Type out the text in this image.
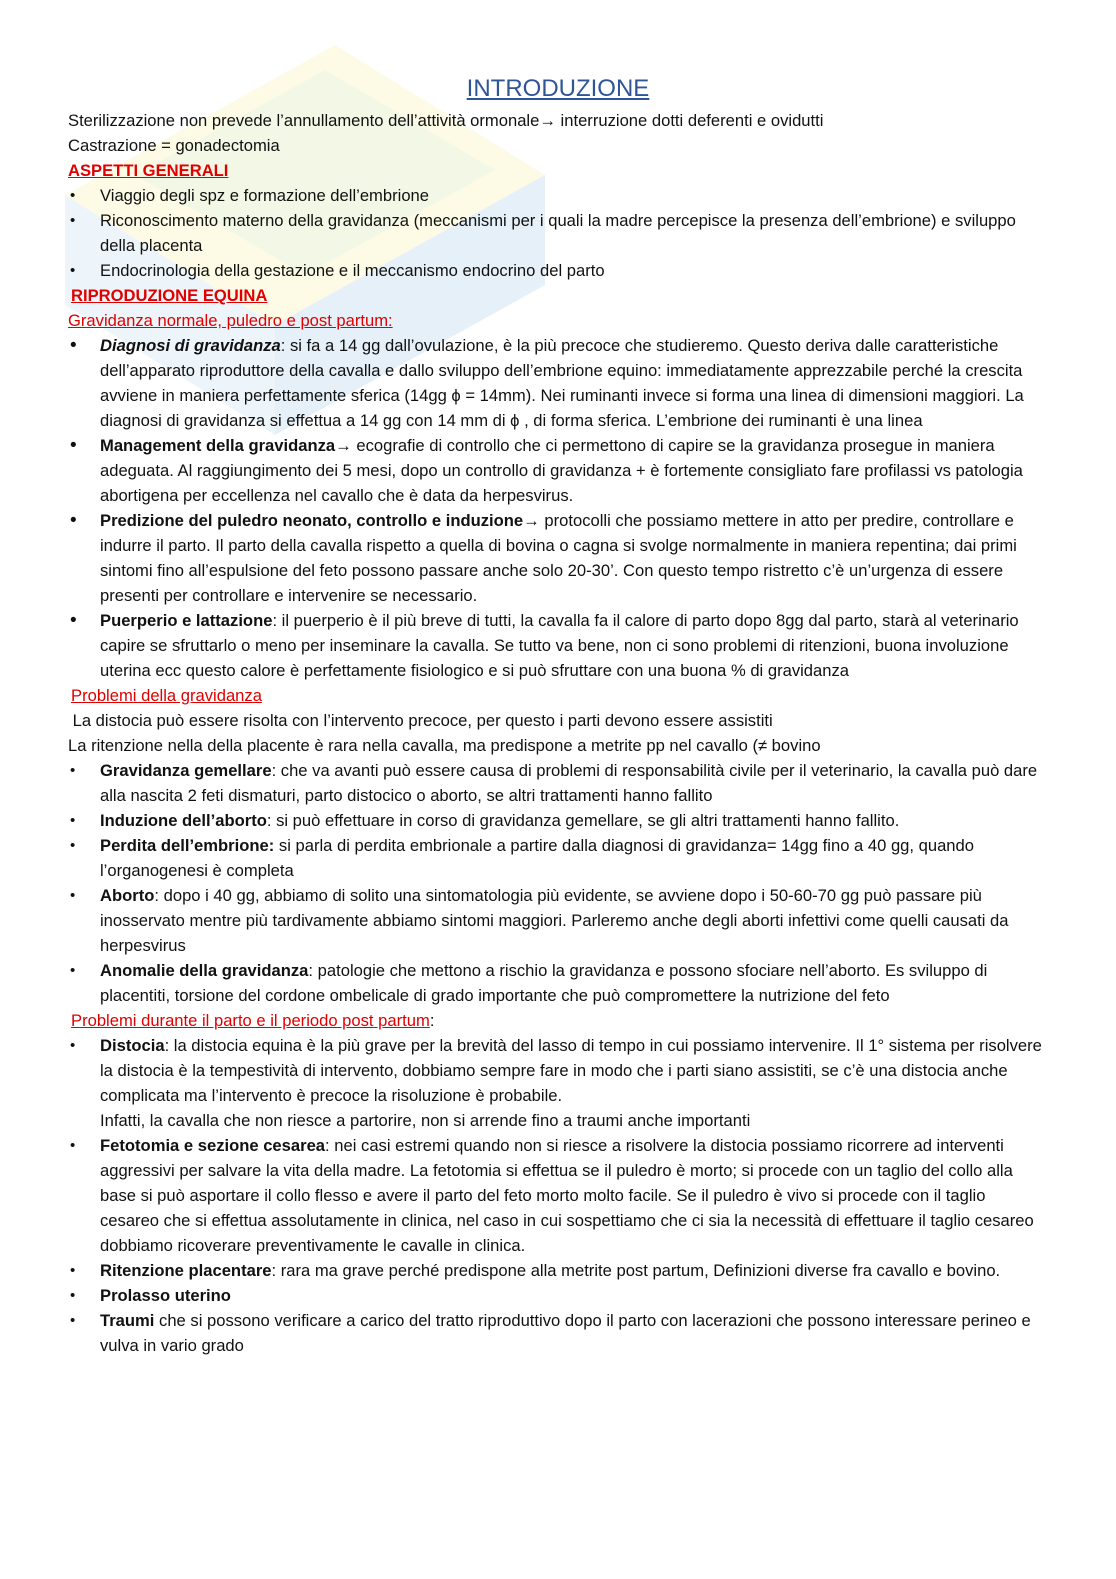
INTRODUZIONE

Sterilizzazione non prevede l’annullamento dell’attività ormonale→ interruzione dotti deferenti e ovidutti

Castrazione = gonadectomia

ASPETTI GENERALI

• Viaggio degli spz e formazione dell’embrione
• Riconoscimento materno della gravidanza (meccanismi per i quali la madre percepisce la presenza dell’embrione) e sviluppo della placenta
• Endocrinologia della gestazione e il meccanismo endocrino del parto

RIPRODUZIONE EQUINA

Gravidanza normale, puledro e post partum:

• Diagnosi di gravidanza: si fa a 14 gg dall’ovulazione, è la più precoce che studieremo. Questo deriva dalle caratteristiche dell’apparato riproduttore della cavalla e dallo sviluppo dell’embrione equino: immediatamente apprezzabile perché la crescita avviene in maniera perfettamente sferica (14gg ϕ = 14mm). Nei ruminanti invece si forma una linea di dimensioni maggiori. La diagnosi di gravidanza si effettua a 14 gg con 14 mm di ϕ , di forma sferica. L’embrione dei ruminanti è una linea
• Management della gravidanza→ ecografie di controllo che ci permettono di capire se la gravidanza prosegue in maniera adeguata. Al raggiungimento dei 5 mesi, dopo un controllo di gravidanza + è fortemente consigliato fare profilassi vs patologia abortigena per eccellenza nel cavallo che è data da herpesvirus.
• Predizione del puledro neonato, controllo e induzione→ protocolli che possiamo mettere in atto per predire, controllare e indurre il parto. Il parto della cavalla rispetto a quella di bovina o cagna si svolge normalmente in maniera repentina; dai primi sintomi fino all’espulsione del feto possono passare anche solo 20-30’. Con questo tempo ristretto c’è un’urgenza di essere presenti per controllare e intervenire se necessario.
• Puerperio e lattazione: il puerperio è il più breve di tutti, la cavalla fa il calore di parto dopo 8gg dal parto, starà al veterinario capire se sfruttarlo o meno per inseminare la cavalla. Se tutto va bene, non ci sono problemi di ritenzioni, buona involuzione uterina ecc questo calore è perfettamente fisiologico e si può sfruttare con una buona % di gravidanza

Problemi della gravidanza

La distocia può essere risolta con l’intervento precoce, per questo i parti devono essere assistiti

La ritenzione nella della placente è rara nella cavalla, ma predispone a metrite pp nel cavallo (≠ bovino

• Gravidanza gemellare: che va avanti può essere causa di problemi di responsabilità civile per il veterinario, la cavalla può dare alla nascita 2 feti dismaturi, parto distocico o aborto, se altri trattamenti hanno fallito
• Induzione dell’aborto: si può effettuare in corso di gravidanza gemellare, se gli altri trattamenti hanno fallito.
• Perdita dell’embrione: si parla di perdita embrionale a partire dalla diagnosi di gravidanza= 14gg fino a 40 gg, quando l’organogenesi è completa
• Aborto: dopo i 40 gg, abbiamo di solito una sintomatologia più evidente, se avviene dopo i 50-60-70 gg può passare più inosservato mentre più tardivamente abbiamo sintomi maggiori. Parleremo anche degli aborti infettivi come quelli causati da herpesvirus
• Anomalie della gravidanza: patologie che mettono a rischio la gravidanza e possono sfociare nell’aborto. Es sviluppo di placentiti, torsione del cordone ombelicale di grado importante che può compromettere la nutrizione del feto

Problemi durante il parto e il periodo post partum:

• Distocia: la distocia equina è la più grave per la brevità del lasso di tempo in cui possiamo intervenire. Il 1° sistema per risolvere la distocia è la tempestività di intervento, dobbiamo sempre fare in modo che i parti siano assistiti, se c’è una distocia anche complicata ma l’intervento è precoce la risoluzione è probabile.
Infatti, la cavalla che non riesce a partorire, non si arrende fino a traumi anche importanti
• Fetotomia e sezione cesarea: nei casi estremi quando non si riesce a risolvere la distocia possiamo ricorrere ad interventi aggressivi per salvare la vita della madre. La fetotomia si effettua se il puledro è morto; si procede con un taglio del collo alla base si può asportare il collo flesso e avere il parto del feto morto molto facile. Se il puledro è vivo si procede con il taglio cesareo che si effettua assolutamente in clinica, nel caso in cui sospettiamo che ci sia la necessità di effettuare il taglio cesareo dobbiamo ricoverare preventivamente le cavalle in clinica.
• Ritenzione placentare: rara ma grave perché predispone alla metrite post partum, Definizioni diverse fra cavallo e bovino.
• Prolasso uterino
• Traumi che si possono verificare a carico del tratto riproduttivo dopo il parto con lacerazioni che possono interessare perineo e vulva in vario grado
